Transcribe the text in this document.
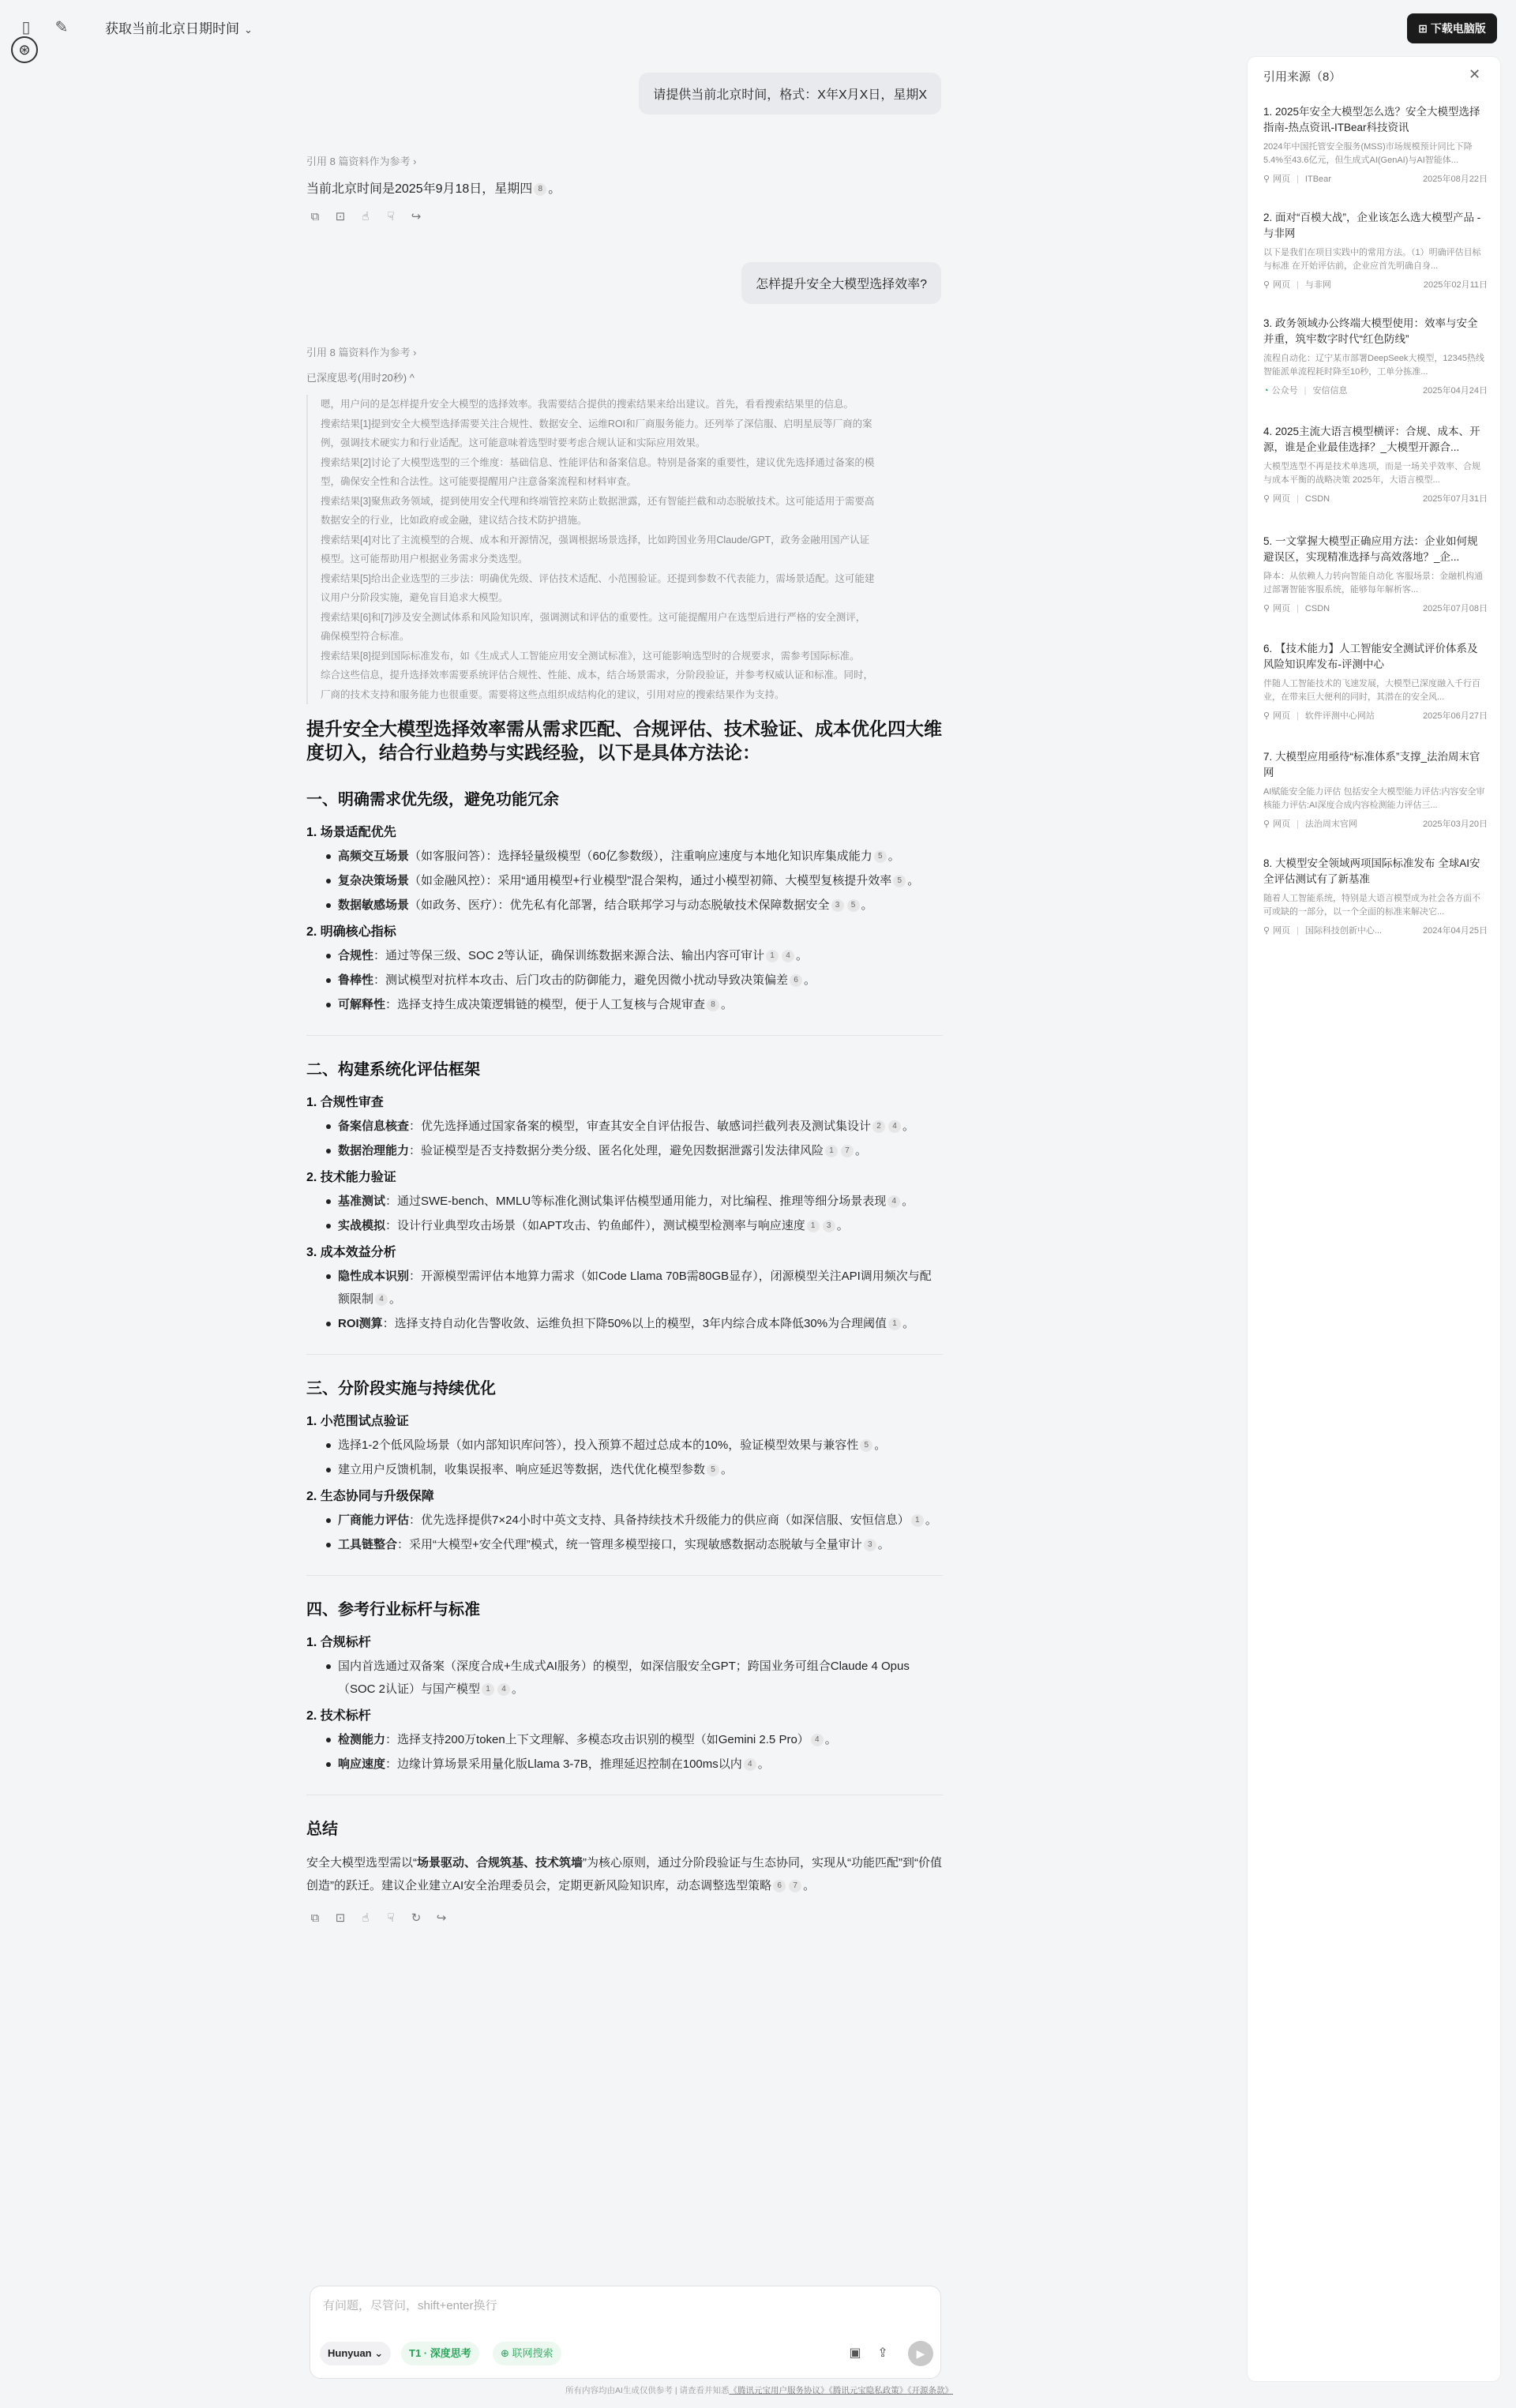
▯	✎
⊛
获取当前北京日期时间 ⌄	⊞ 下载电脑版
请提供当前北京时间，格式：X年X月X日，星期X
引用 8 篇资料作为参考 ›
当前北京时间是2025年9月18日，星期四 8 。
⧉ ⊡ ☝ ☟ ↪
怎样提升安全大模型选择效率?
引用 8 篇资料作为参考 ›
已深度思考(用时20秒) ^
嗯，用户问的是怎样提升安全大模型的选择效率。我需要结合提供的搜索结果来给出建议。首先，看看搜索结果里的信息。
搜索结果[1]提到安全大模型选择需要关注合规性、数据安全、运维ROI和厂商服务能力。还列举了深信服、启明星辰等厂商的案
例，强调技术硬实力和行业适配。这可能意味着选型时要考虑合规认证和实际应用效果。
搜索结果[2]讨论了大模型选型的三个维度：基础信息、性能评估和备案信息。特别是备案的重要性，建议优先选择通过备案的模
型，确保安全性和合法性。这可能要提醒用户注意备案流程和材料审查。
搜索结果[3]聚焦政务领域，提到使用安全代理和终端管控来防止数据泄露，还有智能拦截和动态脱敏技术。这可能适用于需要高
数据安全的行业，比如政府或金融，建议结合技术防护措施。
搜索结果[4]对比了主流模型的合规、成本和开源情况，强调根据场景选择，比如跨国业务用Claude/GPT，政务金融用国产认证
模型。这可能帮助用户根据业务需求分类选型。
搜索结果[5]给出企业选型的三步法：明确优先级、评估技术适配、小范围验证。还提到参数不代表能力，需场景适配。这可能建
议用户分阶段实施，避免盲目追求大模型。
搜索结果[6]和[7]涉及安全测试体系和风险知识库，强调测试和评估的重要性。这可能提醒用户在选型后进行严格的安全测评，
确保模型符合标准。
搜索结果[8]提到国际标准发布，如《生成式人工智能应用安全测试标准》，这可能影响选型时的合规要求，需参考国际标准。
综合这些信息，提升选择效率需要系统评估合规性、性能、成本，结合场景需求，分阶段验证，并参考权威认证和标准。同时，
厂商的技术支持和服务能力也很重要。需要将这些点组织成结构化的建议，引用对应的搜索结果作为支持。
提升安全大模型选择效率需从需求匹配、合规评估、技术验证、成本优化四大维度切入，结合行业趋势与实践经验，以下是具体方法论：
一、明确需求优先级，避免功能冗余
1. 场景适配优先
高频交互场景（如客服问答）：选择轻量级模型（60亿参数级），注重响应速度与本地化知识库集成能力 5 。
复杂决策场景（如金融风控）：采用“通用模型+行业模型”混合架构，通过小模型初筛、大模型复核提升效率 5 。
数据敏感场景（如政务、医疗）：优先私有化部署，结合联邦学习与动态脱敏技术保障数据安全 3 5 。
2. 明确核心指标
合规性：通过等保三级、SOC 2等认证，确保训练数据来源合法、输出内容可审计 1 4 。
鲁棒性：测试模型对抗样本攻击、后门攻击的防御能力，避免因微小扰动导致决策偏差 6 。
可解释性：选择支持生成决策逻辑链的模型，便于人工复核与合规审查 8 。
二、构建系统化评估框架
1. 合规性审查
备案信息核查：优先选择通过国家备案的模型，审查其安全自评估报告、敏感词拦截列表及测试集设计 2 4 。
数据治理能力：验证模型是否支持数据分类分级、匿名化处理，避免因数据泄露引发法律风险 1 7 。
2. 技术能力验证
基准测试：通过SWE-bench、MMLU等标准化测试集评估模型通用能力，对比编程、推理等细分场景表现 4 。
实战模拟：设计行业典型攻击场景（如APT攻击、钓鱼邮件），测试模型检测率与响应速度 1 3 。
3. 成本效益分析
隐性成本识别：开源模型需评估本地算力需求（如Code Llama 70B需80GB显存），闭源模型关注API调用频次与配额限制 4 。
ROI测算：选择支持自动化告警收敛、运维负担下降50%以上的模型，3年内综合成本降低30%为合理阈值 1 。
三、分阶段实施与持续优化
1. 小范围试点验证
选择1-2个低风险场景（如内部知识库问答），投入预算不超过总成本的10%，验证模型效果与兼容性 5 。
建立用户反馈机制，收集误报率、响应延迟等数据，迭代优化模型参数 5 。
2. 生态协同与升级保障
厂商能力评估：优先选择提供7×24小时中英文支持、具备持续技术升级能力的供应商（如深信服、安恒信息） 1 。
工具链整合：采用“大模型+安全代理”模式，统一管理多模型接口，实现敏感数据动态脱敏与全量审计 3 。
四、参考行业标杆与标准
1. 合规标杆
国内首选通过双备案（深度合成+生成式AI服务）的模型，如深信服安全GPT；跨国业务可组合Claude 4 Opus（SOC 2认证）与国产模型 1 4 。
2. 技术标杆
检测能力：选择支持200万token上下文理解、多模态攻击识别的模型（如Gemini 2.5 Pro） 4 。
响应速度：边缘计算场景采用量化版Llama 3-7B，推理延迟控制在100ms以内 4 。
总结

安全大模型选型需以“场景驱动、合规筑基、技术筑墙”为核心原则，通过分阶段验证与生态协同，实现从“功能匹配”到“价值创造”的跃迁。建议企业建立AI安全治理委员会，定期更新风险知识库，动态调整选型策略 6 7 。

⧉ ⊡ ☝ ☟ ↻ ↪
有问题，尽管问，shift+enter换行
Hunyuan ⌄	T1 · 深度思考	⊕ 联网搜索	▣ ⇪	▶
所有内容均由AI生成仅供参考 | 请查看并知悉《腾讯元宝用户服务协议》《腾讯元宝隐私政策》《开源条款》
引用来源（8）	✕
1. 2025年安全大模型怎么选？安全大模型选择指南-热点资讯-ITBear科技资讯
2024年中国托管安全服务(MSS)市场规模预计同比下降5.4%至43.6亿元，但生成式AI(GenAI)与AI智能体...
⚲ 网页 | ITBear	2025年08月22日
2. 面对“百模大战”，企业该怎么选大模型产品 - 与非网
以下是我们在项目实践中的常用方法。（1）明确评估目标与标准 在开始评估前，企业应首先明确自身...
⚲ 网页 | 与非网	2025年02月11日
3. 政务领域办公终端大模型使用：效率与安全并重，筑牢数字时代“红色防线”
流程自动化：辽宁某市部署DeepSeek大模型，12345热线智能派单流程耗时降至10秒，工单分拣准...
◔ 公众号 | 安信信息	2025年04月24日
4. 2025主流大语言模型横评：合规、成本、开源，谁是企业最佳选择？_大模型开源合...
大模型选型不再是技术单选项，而是一场关乎效率、合规与成本平衡的战略决策 2025年，大语言模型...
⚲ 网页 | CSDN	2025年07月31日
5. 一文掌握大模型正确应用方法：企业如何规避误区，实现精准选择与高效落地？_企...
降本：从依赖人力转向智能自动化 客服场景：金融机构通过部署智能客服系统，能够每年解析客...
⚲ 网页 | CSDN	2025年07月08日
6. 【技术能力】人工智能安全测试评价体系及风险知识库发布-评测中心
伴随人工智能技术的飞速发展，大模型已深度融入千行百业，在带来巨大便利的同时，其潜在的安全风...
⚲ 网页 | 软件评测中心网站	2025年06月27日
7. 大模型应用亟待“标准体系”支撑_法治周末官网
AI赋能安全能力评估 包括安全大模型能力评估:内容安全审核能力评估:AI深度合成内容检测能力评估三...
⚲ 网页 | 法治周末官网	2025年03月20日
8. 大模型安全领域两项国际标准发布 全球AI安全评估测试有了新基准
随着人工智能系统，特别是大语言模型成为社会各方面不可或缺的一部分，以一个全面的标准来解决它...
⚲ 网页 | 国际科技创新中心...	2024年04月25日
